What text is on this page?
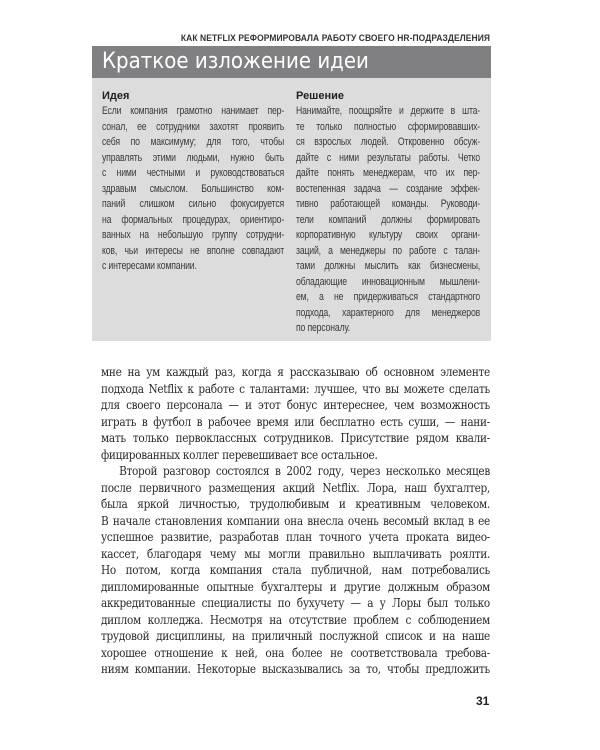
КАК NETFLIX РЕФОРМИРОВАЛА РАБОТУ СВОЕГО HR-ПОДРАЗДЕЛЕНИЯ
Краткое изложение идеи
Идея
Если компания грамотно нанимает пер-
сонал, ее сотрудники захотят проявить
себя по максимуму; для того, чтобы
управлять этими людьми, нужно быть
с ними честными и руководствоваться
здравым смыслом. Большинство ком-
паний слишком сильно фокусируется
на формальных процедурах, ориентиро-
ванных на небольшую группу сотрудни-
ков, чьи интересы не вполне совпадают
с интересами компании.
Решение
Нанимайте, поощряйте и держите в шта-
те только полностью сформировавших-
ся взрослых людей. Откровенно обсуж-
дайте с ними результаты работы. Четко
дайте понять менеджерам, что их пер-
востепенная задача — создание эффек-
тивно работающей команды. Руководи-
тели компаний должны формировать
корпоративную культуру своих органи-
заций, а менеджеры по работе с талан-
тами должны мыслить как бизнесмены,
обладающие инновационным мышлени-
ем, а не придерживаться стандартного
подхода, характерного для менеджеров
по персоналу.
мне на ум каждый раз, когда я рассказываю об основном элементе
подхода Netflix к работе с талантами: лучшее, что вы можете сделать
для своего персонала — и этот бонус интереснее, чем возможность
играть в футбол в рабочее время или бесплатно есть суши, — нани-
мать только первоклассных сотрудников. Присутствие рядом квали-
фицированных коллег перевешивает все остальное.
Второй разговор состоялся в 2002 году, через несколько месяцев
после первичного размещения акций Netflix. Лора, наш бухгалтер,
была яркой личностью, трудолюбивым и креативным человеком.
В начале становления компании она внесла очень весомый вклад в ее
успешное развитие, разработав план точного учета проката видео-
кассет, благодаря чему мы могли правильно выплачивать роялти.
Но потом, когда компания стала публичной, нам потребовались
дипломированные опытные бухгалтеры и другие должным образом
аккредитованные специалисты по бухучету — а у Лоры был только
диплом колледжа. Несмотря на отсутствие проблем с соблюдением
трудовой дисциплины, на приличный послужной список и на наше
хорошее отношение к ней, она более не соответствовала требова-
ниям компании. Некоторые высказывались за то, чтобы предложить
31
